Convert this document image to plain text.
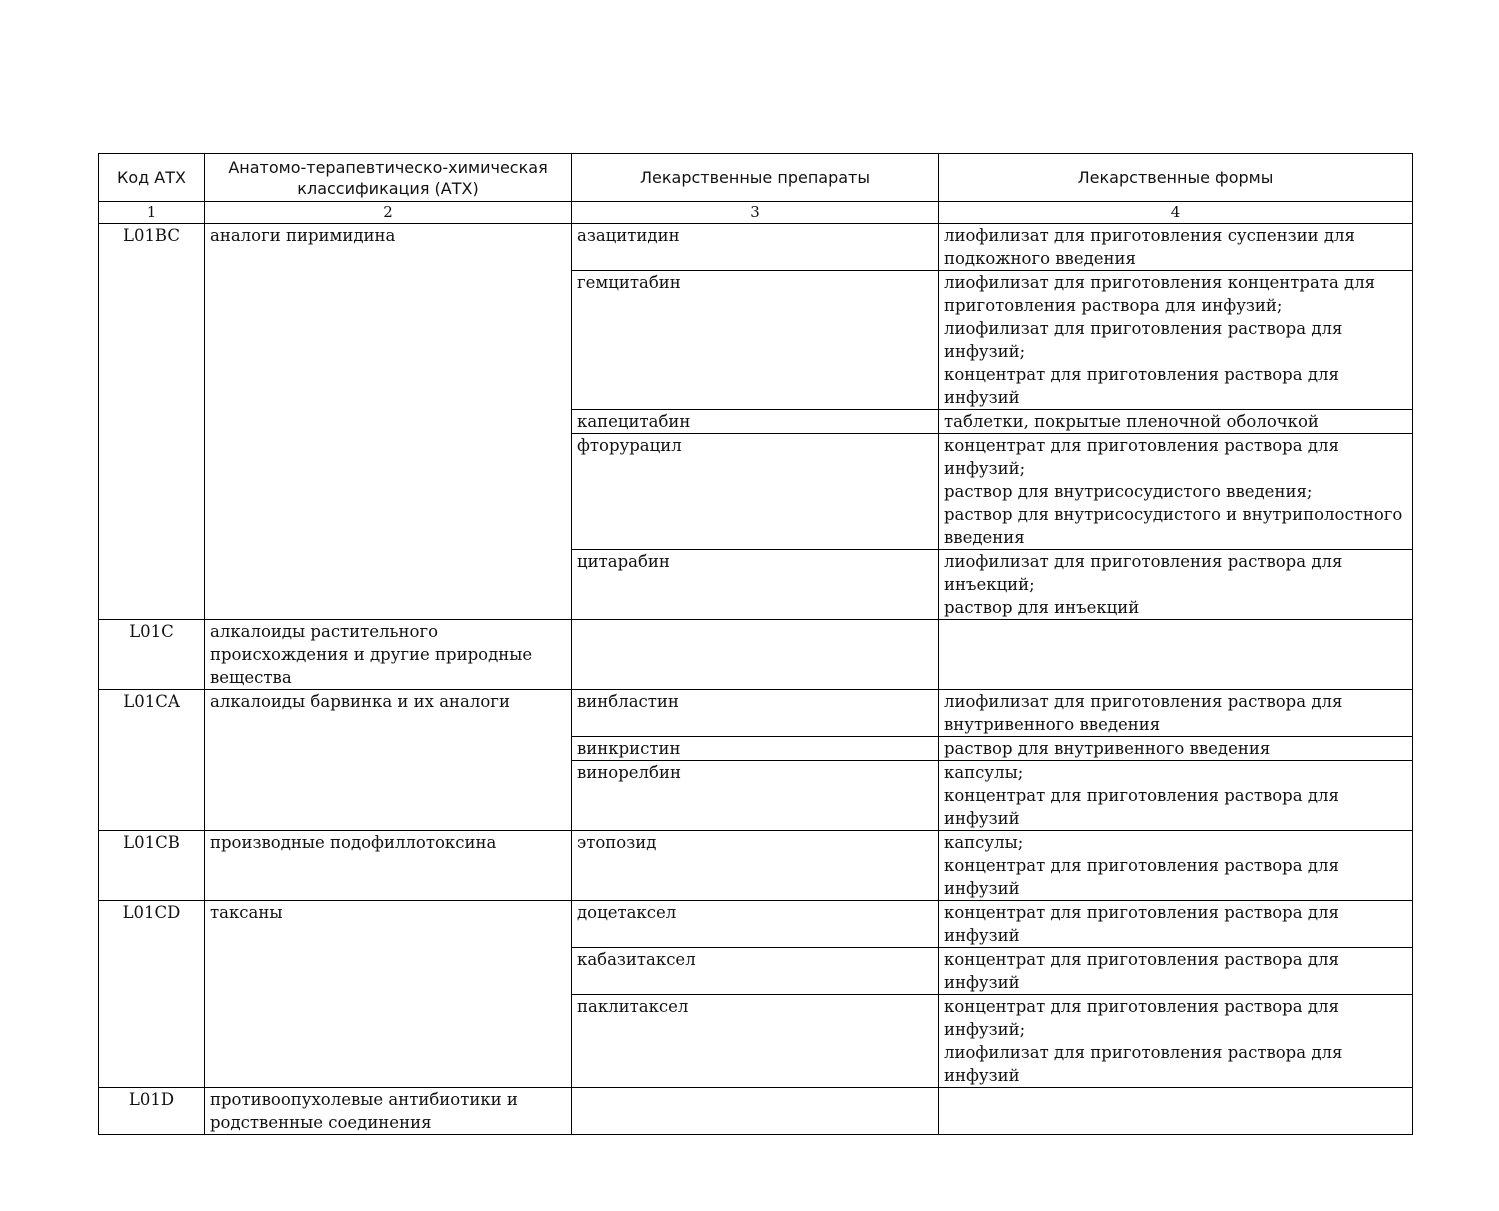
Код АТХ	Анатомо-терапевтическо-химическая классификация (АТХ)	Лекарственные препараты	Лекарственные формы
1	2	3	4
L01BC	аналоги пиримидина	азацитидин	лиофилизат для приготовления суспензии для подкожного введения

		гемцитабин	лиофилизат для приготовления концентрата для приготовления раствора для инфузий;
лиофилизат для приготовления раствора для инфузий;
концентрат для приготовления раствора для инфузий

		капецитабин	таблетки, покрытые пленочной оболочкой

		фторурацил	концентрат для приготовления раствора для инфузий;
раствор для внутрисосудистого введения;
раствор для внутрисосудистого и внутриполостного введения

		цитарабин	лиофилизат для приготовления раствора для инъекций;
раствор для инъекций

L01C	алкалоиды растительного происхождения и другие природные вещества		
L01CA	алкалоиды барвинка и их аналоги	винбластин	лиофилизат для приготовления раствора для внутривенного введения

		винкристин	раствор для внутривенного введения

		винорелбин	капсулы;
концентрат для приготовления раствора для инфузий

L01CB	производные подофиллотоксина	этопозид	капсулы;
концентрат для приготовления раствора для инфузий

L01CD	таксаны	доцетаксел	концентрат для приготовления раствора для инфузий

		кабазитаксел	концентрат для приготовления раствора для инфузий

		паклитаксел	концентрат для приготовления раствора для инфузий;
лиофилизат для приготовления раствора для инфузий

L01D	противоопухолевые антибиотики и родственные соединения		
